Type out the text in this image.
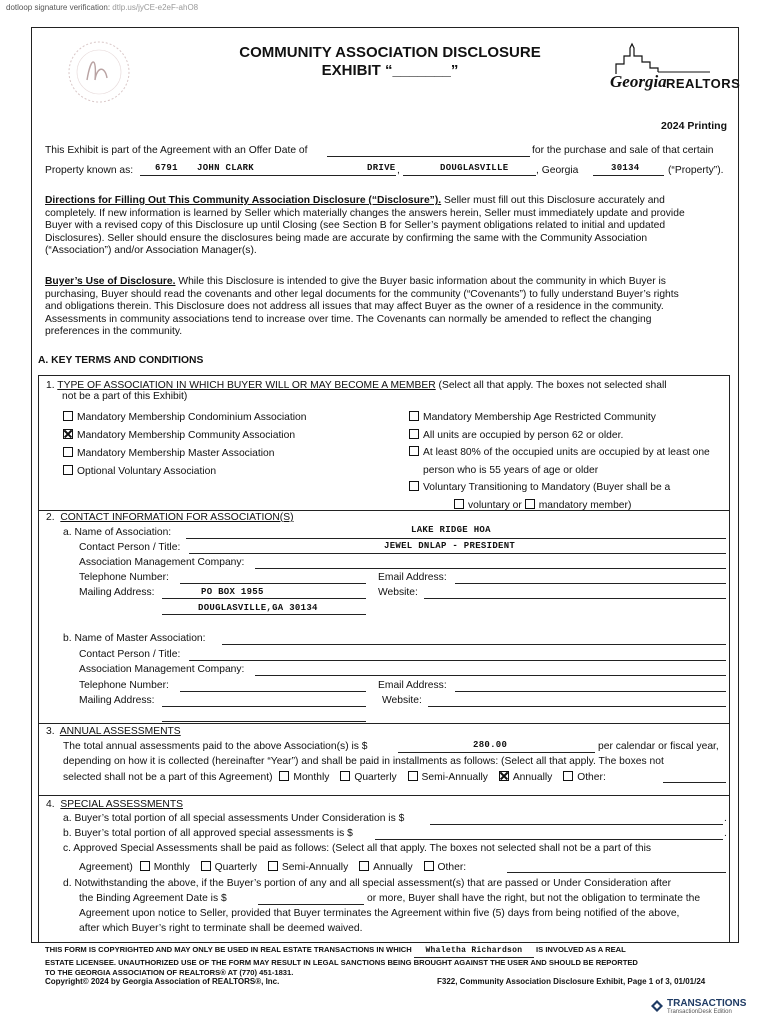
dotloop signature verification: dtlp.us/jyCE-e2eF-ahO8
COMMUNITY ASSOCIATION DISCLOSURE
EXHIBIT “_______”
Georgia REALTORS
2024 Printing
This Exhibit is part of the Agreement with an Offer Date of	for the purchase and sale of that certain
Property known as: 6791 JOHN CLARK	DRIVE ,	DOUGLASVILLE	, Georgia	30134	(“Property”).

Directions for Filling Out This Community Association Disclosure (“Disclosure”). Seller must fill out this Disclosure accurately and

completely. If new information is learned by Seller which materially changes the answers herein, Seller must immediately update and provide

Buyer with a revised copy of this Disclosure up until Closing (see Section B for Seller’s payment obligations related to initial and updated

Disclosures). Seller should ensure the disclosures being made are accurate by confirming the same with the Community Association

(“Association”) and/or Association Manager(s).

Buyer’s Use of Disclosure. While this Disclosure is intended to give the Buyer basic information about the community in which Buyer is

purchasing, Buyer should read the covenants and other legal documents for the community (“Covenants”) to fully understand Buyer’s rights

and obligations therein. This Disclosure does not address all issues that may affect Buyer as the owner of a residence in the community.

Assessments in community associations tend to increase over time. The Covenants can normally be amended to reflect the changing

preferences in the community.

A. KEY TERMS AND CONDITIONS
1. TYPE OF ASSOCIATION IN WHICH BUYER WILL OR MAY BECOME A MEMBER (Select all that apply. The boxes not selected shall
not be a part of this Exhibit)
Mandatory Membership Condominium Association
Mandatory Membership Community Association
Mandatory Membership Master Association
Optional Voluntary Association
Mandatory Membership Age Restricted Community
All units are occupied by person 62 or older.
At least 80% of the occupied units are occupied by at least one
person who is 55 years of age or older
Voluntary Transitioning to Mandatory (Buyer shall be a
voluntary or mandatory member)
2. CONTACT INFORMATION FOR ASSOCIATION(S)
a. Name of Association:	LAKE RIDGE HOA
Contact Person / Title:	JEWEL DNLAP - PRESIDENT
Association Management Company:
Telephone Number:	Email Address:
Mailing Address:	PO BOX 1955	Website:
DOUGLASVILLE,GA 30134
b. Name of Master Association:
Contact Person / Title:
Association Management Company:
Telephone Number:	Email Address:
Mailing Address:	Website:
3. ANNUAL ASSESSMENTS
The total annual assessments paid to the above Association(s) is $	280.00	per calendar or fiscal year,
depending on how it is collected (hereinafter “Year”) and shall be paid in installments as follows: (Select all that apply. The boxes not
selected shall not be a part of this Agreement) Monthly Quarterly Semi-Annually Annually Other:
4. SPECIAL ASSESSMENTS
a. Buyer’s total portion of all special assessments Under Consideration is $	.
b. Buyer’s total portion of all approved special assessments is $	.
c. Approved Special Assessments shall be paid as follows: (Select all that apply. The boxes not selected shall not be a part of this
Agreement) Monthly Quarterly Semi-Annually Annually Other:
d. Notwithstanding the above, if the Buyer’s portion of any and all special assessment(s) that are passed or Under Consideration after
the Binding Agreement Date is $	or more, Buyer shall have the right, but not the obligation to terminate the
Agreement upon notice to Seller, provided that Buyer terminates the Agreement within five (5) days from being notified of the above,
after which Buyer’s right to terminate shall be deemed waived.
THIS FORM IS COPYRIGHTED AND MAY ONLY BE USED IN REAL ESTATE TRANSACTIONS IN WHICH Whaletha Richardson IS INVOLVED AS A REAL
ESTATE LICENSEE. UNAUTHORIZED USE OF THE FORM MAY RESULT IN LEGAL SANCTIONS BEING BROUGHT AGAINST THE USER AND SHOULD BE REPORTED
TO THE GEORGIA ASSOCIATION OF REALTORS® AT (770) 451-1831.
Copyright© 2024 by Georgia Association of REALTORS®, Inc.	F322, Community Association Disclosure Exhibit, Page 1 of 3, 01/01/24
TRANSACTIONS
TransactionDesk Edition
